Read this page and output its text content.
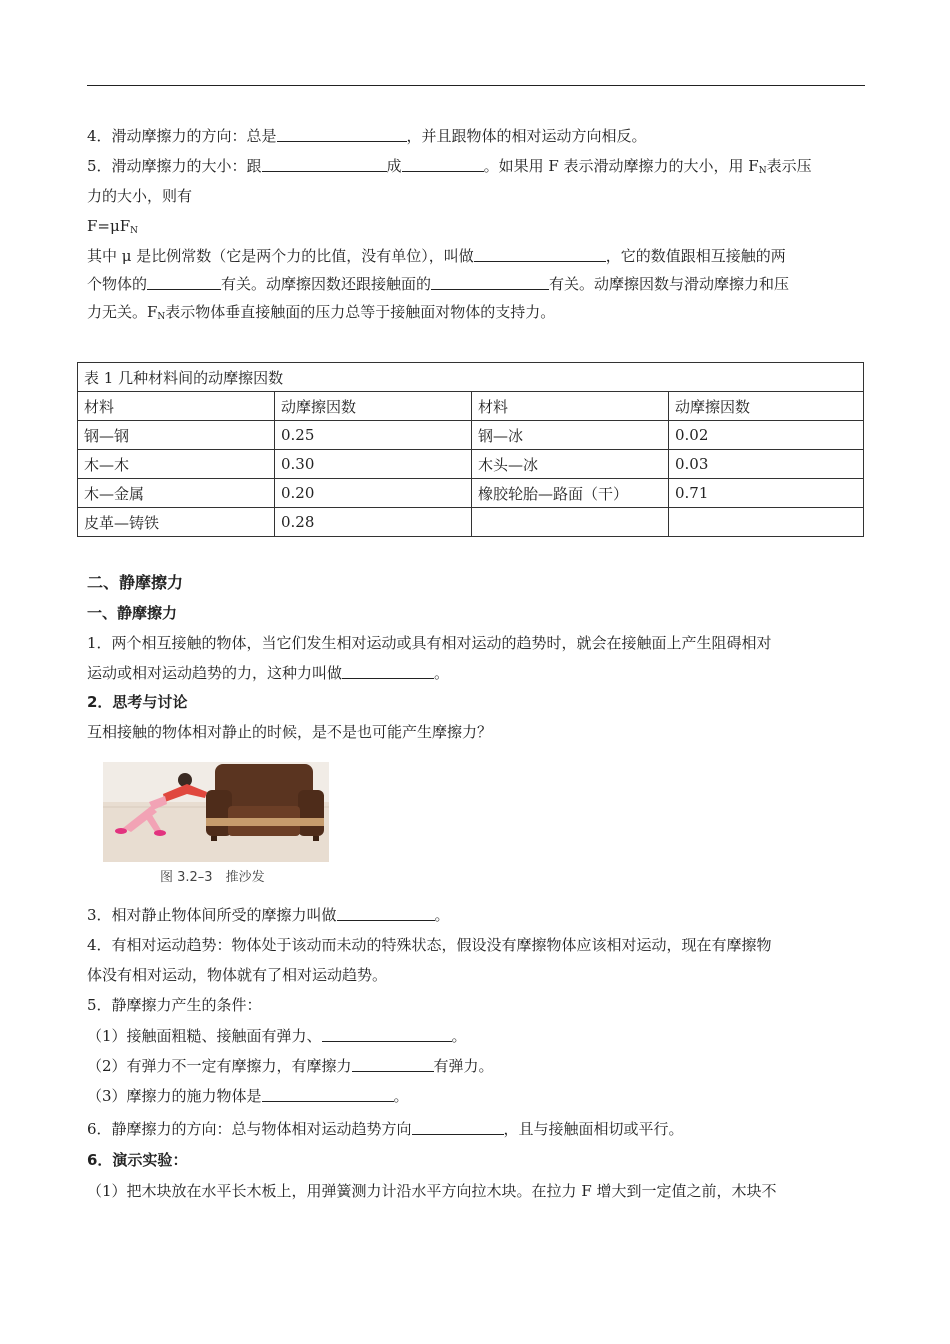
4．滑动摩擦力的方向：总是	，并且跟物体的相对运动方向相反。
5．滑动摩擦力的大小：跟	成	。如果用 F 表示滑动摩擦力的大小，用 $F_N$表示压
力的大小，则有
$F=\mu F_N$
其中 μ 是比例常数（它是两个力的比值，没有单位），叫做	，它的数值跟相互接触的两
个物体的	有关。动摩擦因数还跟接触面的	有关。动摩擦因数与滑动摩擦力和压
力无关。$F_N$表示物体垂直接触面的压力总等于接触面对物体的支持力。
表 1 几种材料间的动摩擦因数			
材料	动摩擦因数	材料	动摩擦因数
钢—钢	0.25	钢—冰	0.02
木—木	0.30	木头—冰	0.03
木—金属	0.20	橡胶轮胎—路面（干）	0.71
皮革—铸铁	0.28		
二、静摩擦力
一、静摩擦力
1．两个相互接触的物体，当它们发生相对运动或具有相对运动的趋势时，就会在接触面上产生阻碍相对
运动或相对运动趋势的力，这种力叫做	。
2．思考与讨论
互相接触的物体相对静止的时候，是不是也可能产生摩擦力？
图 3.2–3　推沙发
3．相对静止物体间所受的摩擦力叫做	。
4．有相对运动趋势：物体处于该动而未动的特殊状态，假设没有摩擦物体应该相对运动，现在有摩擦物
体没有相对运动，物体就有了相对运动趋势。
5．静摩擦力产生的条件：
（1）接触面粗糙、接触面有弹力、	。
（2）有弹力不一定有摩擦力，有摩擦力	有弹力。
（3）摩擦力的施力物体是	。
6．静摩擦力的方向：总与物体相对运动趋势方向	，且与接触面相切或平行。
6．演示实验：
（1）把木块放在水平长木板上，用弹簧测力计沿水平方向拉木块。在拉力 F 增大到一定值之前，木块不
